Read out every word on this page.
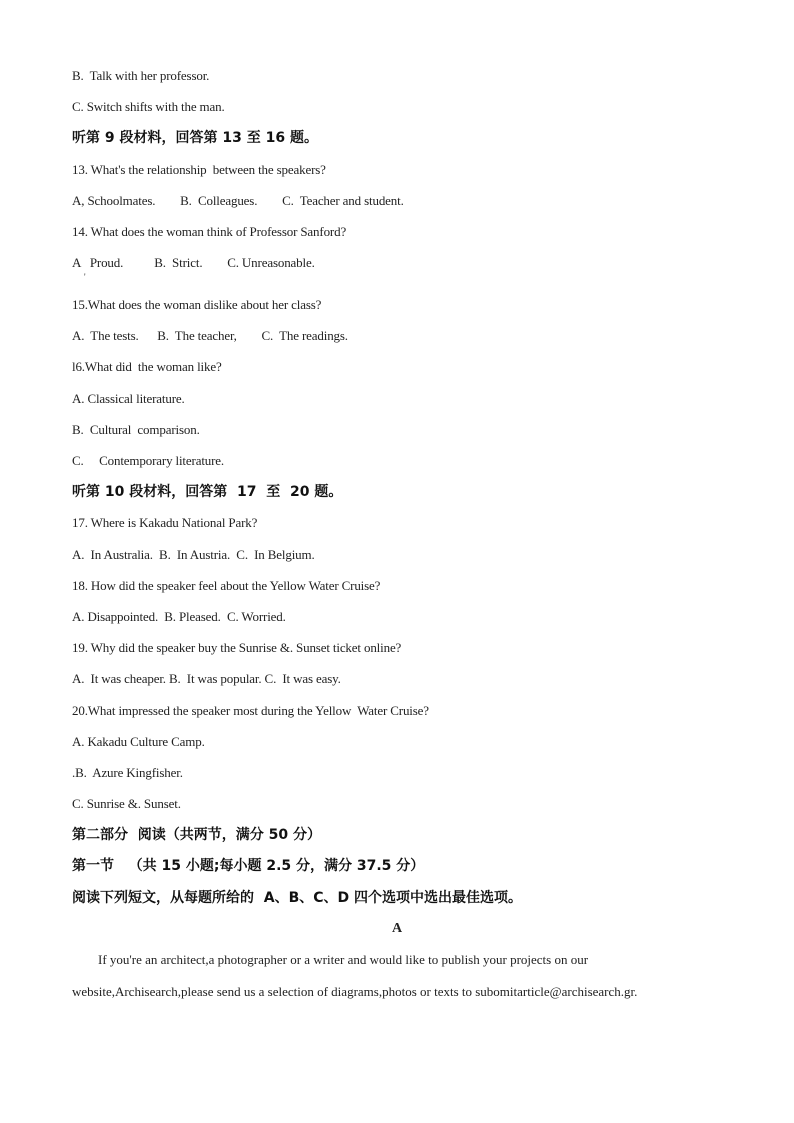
B.  Talk with her professor.
C. Switch shifts with the man.
听第 9 段材料，回答第 13 至 16 题。
13. What's the relationship  between the speakers?
A, Schoolmates.        B.  Colleagues.        C.  Teacher and student.
14. What does the woman think of Professor Sanford?
A   Proud.          B.  Strict.        C. Unreasonable.
'
15.What does the woman dislike about her class?
A.  The tests.      B.  The teacher,        C.  The readings.
l6.What did  the woman like?
A. Classical literature.
B.  Cultural  comparison.
C.     Contemporary literature.
听第 10 段材料，回答第  17  至  20 题。
17. Where is Kakadu National Park?
A.  In Australia.  B.  In Austria.  C.  In Belgium.
18. How did the speaker feel about the Yellow Water Cruise?
A. Disappointed.  B. Pleased.  C. Worried.
19. Why did the speaker buy the Sunrise &. Sunset ticket online?
A.  It was cheaper. B.  It was popular. C.  It was easy.
20.What impressed the speaker most during the Yellow  Water Cruise?
A. Kakadu Culture Camp.
.B.  Azure Kingfisher.
C. Sunrise &. Sunset.
第二部分  阅读（共两节，满分 50 分）
第一节   （共 15 小题;每小题 2.5 分，满分 37.5 分）
阅读下列短文，从每题所给的  A、B、C、D 四个选项中选出最佳选项。
A
If you're an architect,a photographer or a writer and would like to publish your projects on our
website,Archisearch,please send us a selection of diagrams,photos or texts to subomitarticle@archisearch.gr.
